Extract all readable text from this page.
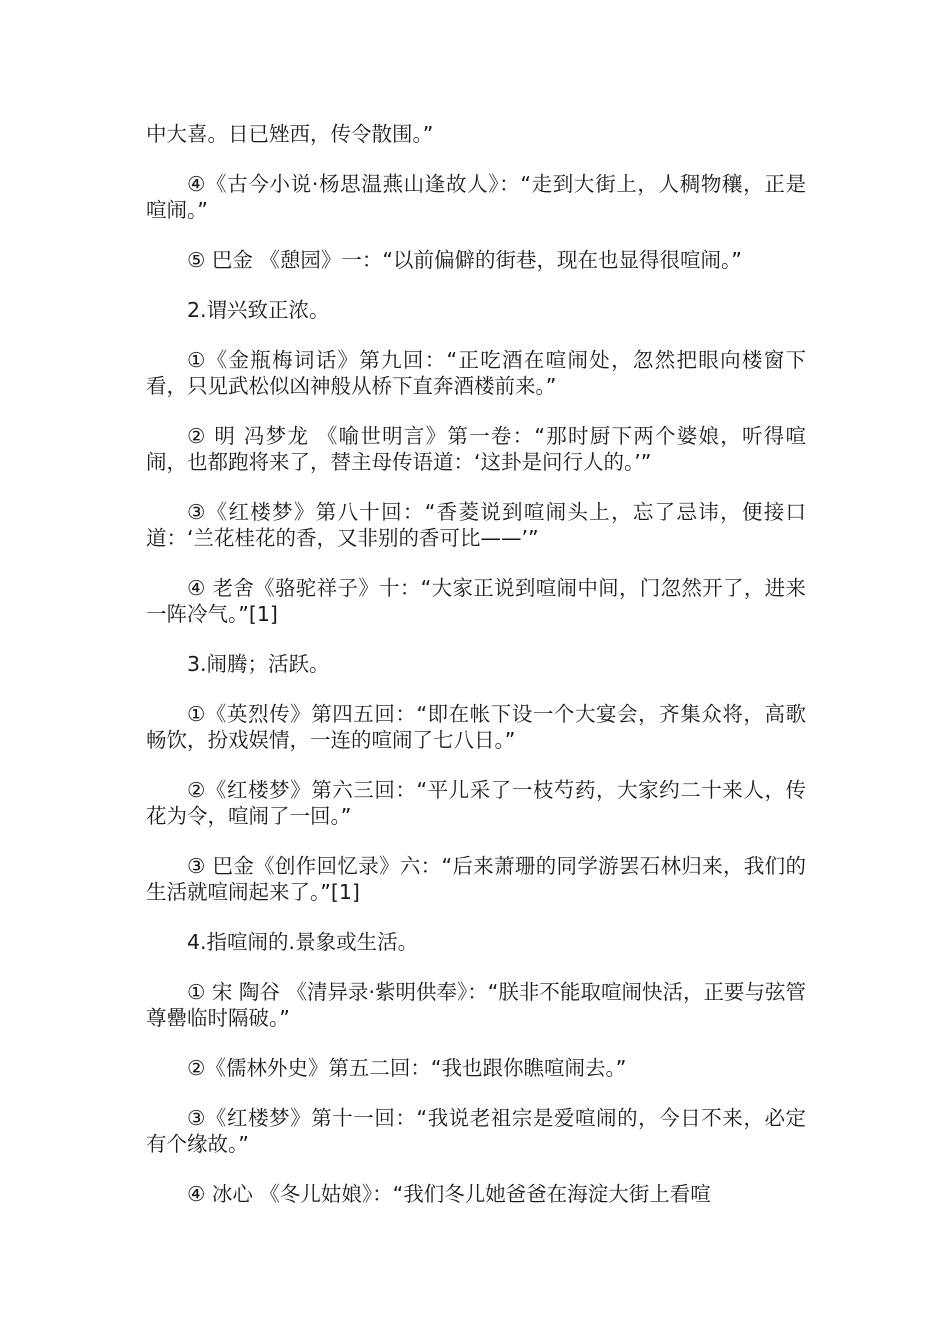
中大喜。日已矬西，传令散围。”

④《古今小说·杨思温燕山逢故人》：“走到大街上，人稠物穰，正是喧闹。”

⑤ 巴金 《憩园》一：“以前偏僻的街巷，现在也显得很喧闹。”

2.谓兴致正浓。

①《金瓶梅词话》第九回：“正吃酒在喧闹处，忽然把眼向楼窗下看，只见武松似凶神般从桥下直奔酒楼前来。”

② 明 冯梦龙 《喻世明言》第一卷：“那时厨下两个婆娘，听得喧闹，也都跑将来了，替主母传语道：‘这卦是问行人的。’”

③《红楼梦》第八十回：“香菱说到喧闹头上，忘了忌讳，便接口道：‘兰花桂花的香，又非别的香可比——’”

④ 老舍《骆驼祥子》十：“大家正说到喧闹中间，门忽然开了，进来一阵冷气。”[1]

3.闹腾；活跃。

①《英烈传》第四五回：“即在帐下设一个大宴会，齐集众将，高歌畅饮，扮戏娱情，一连的喧闹了七八日。”

②《红楼梦》第六三回：“平儿采了一枝芍药，大家约二十来人，传花为令，喧闹了一回。”

③ 巴金《创作回忆录》六：“后来萧珊的同学游罢石林归来，我们的生活就喧闹起来了。”[1]

4.指喧闹的.景象或生活。

① 宋 陶谷 《清异录·紫明供奉》：“朕非不能取喧闹快活，正要与弦管尊罍临时隔破。”

②《儒林外史》第五二回：“我也跟你瞧喧闹去。”

③《红楼梦》第十一回：“我说老祖宗是爱喧闹的，今日不来，必定有个缘故。”

④ 冰心 《冬儿姑娘》：“我们冬儿她爸爸在海淀大街上看喧
